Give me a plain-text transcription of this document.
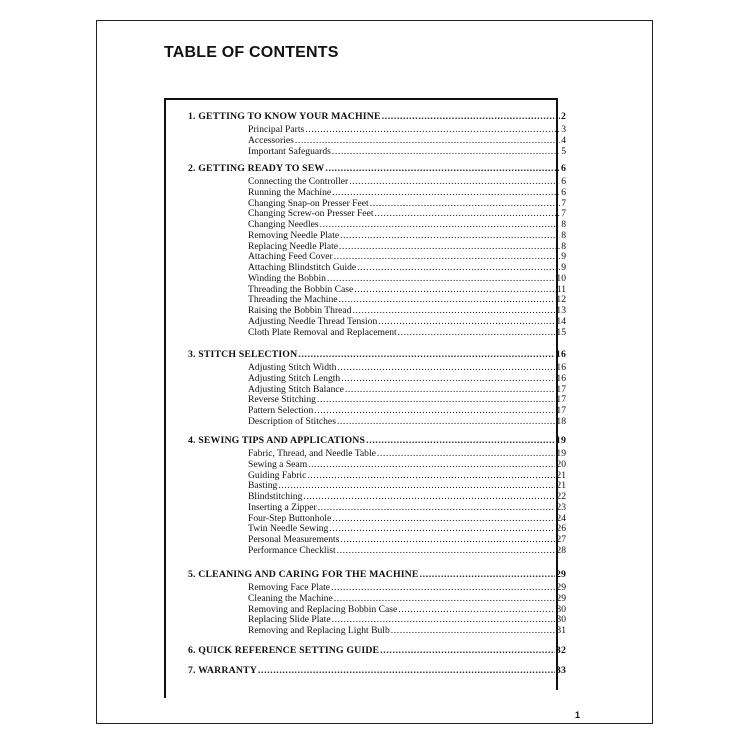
TABLE OF CONTENTS
1. GETTING TO KNOW YOUR MACHINE .....	2
Principal Parts .....	3
Accessories .....	4
Important Safeguards .....	5
2. GETTING READY TO SEW .....	6
Connecting the Controller .....	6
Running the Machine .....	6
Changing Snap-on Presser Feet .....	7
Changing Screw-on Presser Feet .....	7
Changing Needles .....	8
Removing Needle Plate .....	8
Replacing Needle Plate .....	8
Attaching Feed Cover .....	9
Attaching Blindstitch Guide .....	9
Winding the Bobbin .....	10
Threading the Bobbin Case .....	11
Threading the Machine .....	12
Raising the Bobbin Thread .....	13
Adjusting Needle Thread Tension .....	14
Cloth Plate Removal and Replacement .....	15
3. STITCH SELECTION .....	16
Adjusting Stitch Width .....	16
Adjusting Stitch Length .....	16
Adjusting Stitch Balance .....	17
Reverse Stitching .....	17
Pattern Selection .....	17
Description of Stitches .....	18
4. SEWING TIPS AND APPLICATIONS .....	19
Fabric, Thread, and Needle Table .....	19
Sewing a Seam .....	20
Guiding Fabric .....	21
Basting .....	21
Blindstitching .....	22
Inserting a Zipper .....	23
Four-Step Buttonhole .....	24
Twin Needle Sewing .....	26
Personal Measurements .....	27
Performance Checklist .....	28
5. CLEANING AND CARING FOR THE MACHINE .....	29
Removing Face Plate .....	29
Cleaning the Machine .....	29
Removing and Replacing Bobbin Case .....	30
Replacing Slide Plate .....	30
Removing and Replacing Light Bulb .....	31
6. QUICK REFERENCE SETTING GUIDE .....	32
7. WARRANTY .....	33
1
